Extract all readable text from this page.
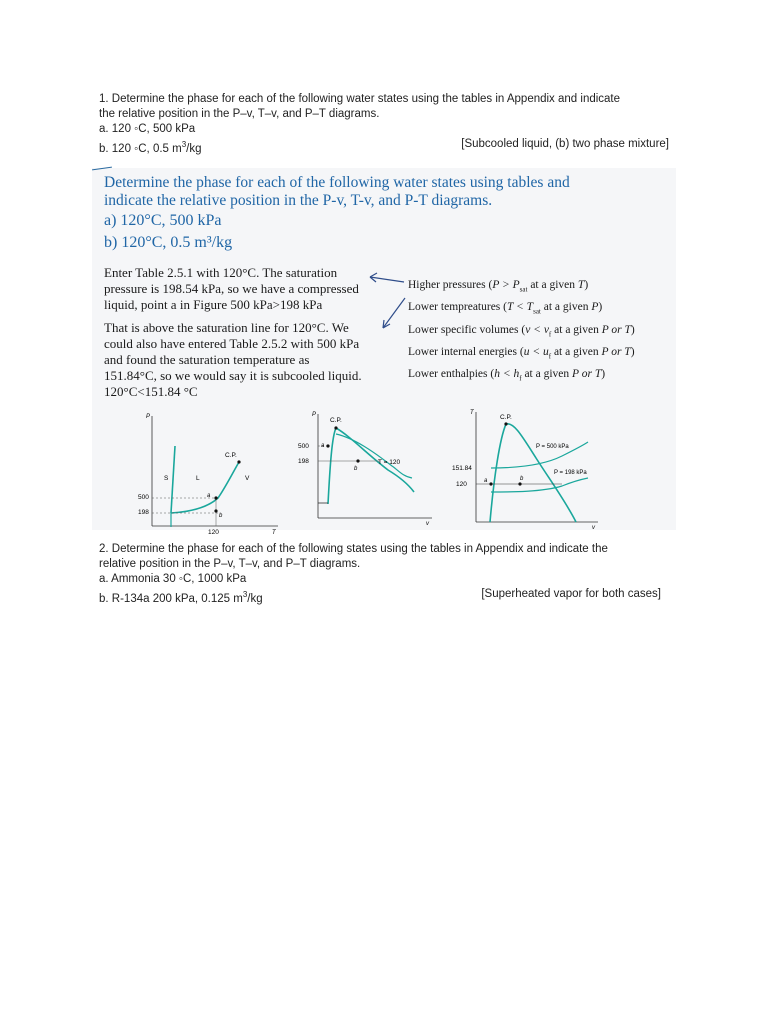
1. Determine the phase for each of the following water states using the tables in Appendix and indicate

the relative position in the P–v, T–v, and P–T diagrams.

a. 120 ◦C, 500 kPa

b. 120 ◦C, 0.5 $m^3/kg$	[Subcooled liquid, (b) two phase mixture]

Determine the phase for each of the following water states using tables and
indicate the relative position in the P-v, T-v, and P-T diagrams.
a) 120°C, 500 kPa
b) 120°C, 0.5 m³/kg
Enter Table 2.5.1 with 120°C. The saturation
pressure is 198.54 kPa, so we have a compressed
liquid, point a in Figure 500 kPa>198 kPa
That is above the saturation line for 120°C. We
could also have entered Table 2.5.2 with 500 kPa
and found the saturation temperature as
151.84°C, so we would say it is subcooled liquid.
120°C<151.84 °C
Higher pressures ($P > P_{sat}$ at a given T)
Lower tempreatures ($T < T_{sat}$ at a given P)
Lower specific volumes ($v < v_f$ at a given P or T)
Lower internal energies ($u < u_f$ at a given P or T)
Lower enthalpies ($h < h_f$ at a given P or T)
P
T
C.P.
S	L	V
500
198
a
b
120
P
v
C.P.
500
198
a
b
T = 120
T
v
C.P.
P = 500 kPa
P = 198 kPa
151.84
120	a	b

2. Determine the phase for each of the following states using the tables in Appendix and indicate the

relative position in the P–v, T–v, and P–T diagrams.

a. Ammonia 30 ◦C, 1000 kPa

b. R-134a 200 kPa, 0.125 $m^3/kg$	[Superheated vapor for both cases]
